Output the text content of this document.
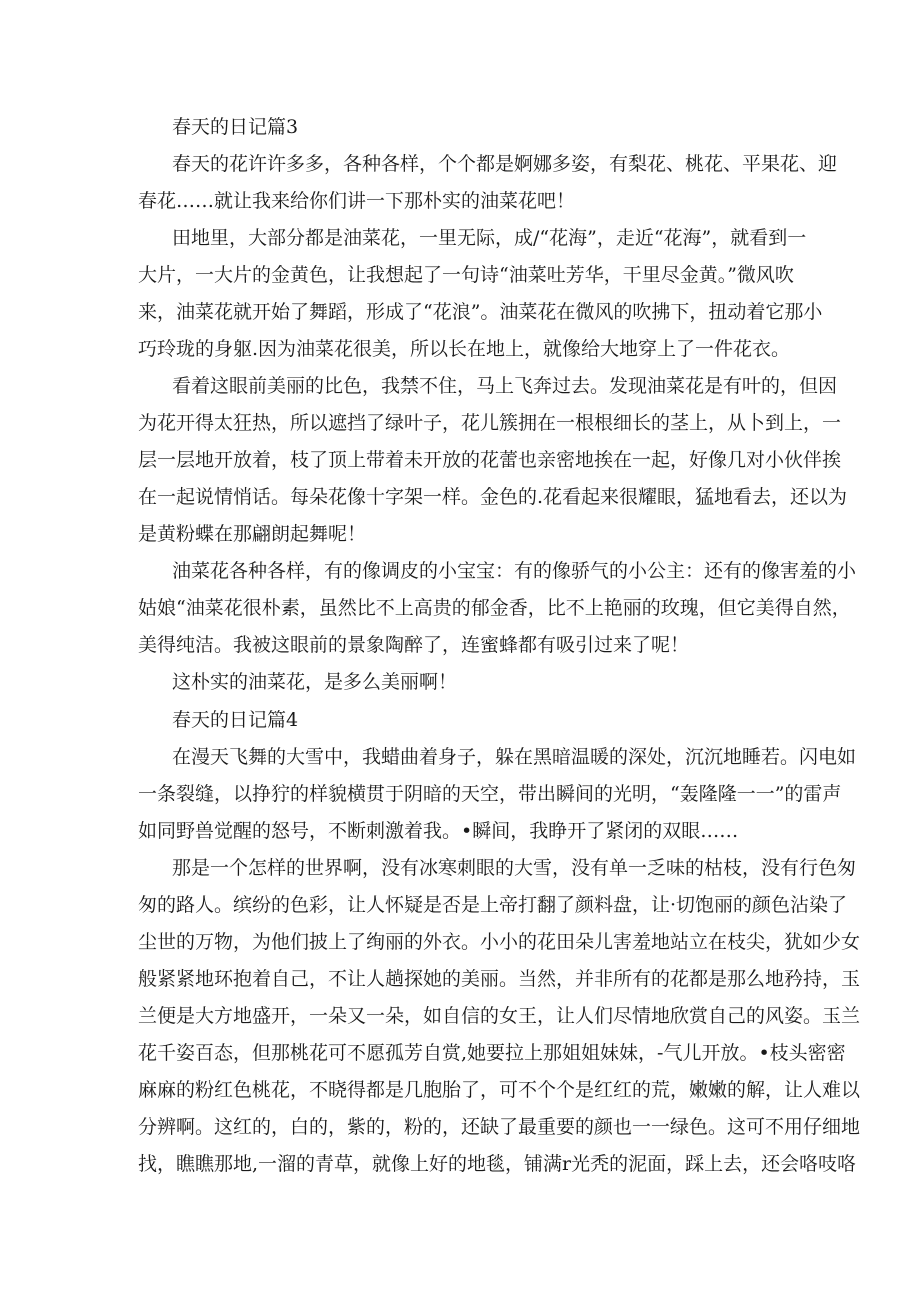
春天的日记篇3

春天的花许许多多，各种各样，个个都是婀娜多姿，有梨花、桃花、平果花、迎
春花……就让我来给你们讲一下那朴实的油菜花吧！

田地里，大部分都是油菜花，一里无际，成/“花海”，走近“花海”，就看到一
大片，一大片的金黄色，让我想起了一句诗“油菜吐芳华，干里尽金黄。”微风吹
来，油菜花就开始了舞蹈，形成了“花浪”。油菜花在微风的吹拂下，扭动着它那小
巧玲珑的身躯.因为油菜花很美，所以长在地上，就像给大地穿上了一件花衣。

看着这眼前美丽的比色，我禁不住，马上飞奔过去。发现油菜花是有叶的，但因
为花开得太狂热，所以遮挡了绿叶子，花儿簇拥在一根根细长的茎上，从卜到上，一
层一层地开放着，枝了顶上带着未开放的花蕾也亲密地挨在一起，好像几对小伙伴挨
在一起说情悄话。每朵花像十字架一样。金色的.花看起来很耀眼，猛地看去，还以为
是黄粉蝶在那翩朗起舞呢！

油菜花各种各样，有的像调皮的小宝宝：有的像骄气的小公主：还有的像害羞的小
姑娘“油菜花很朴素，虽然比不上高贵的郁金香，比不上艳丽的玫瑰，但它美得自然，
美得纯洁。我被这眼前的景象陶醉了，连蜜蜂都有吸引过来了呢！

这朴实的油菜花，是多么美丽啊！

春天的日记篇4

在漫天飞舞的大雪中，我蜡曲着身子，躲在黑暗温暖的深处，沉沉地睡若。闪电如
一条裂缝，以挣狞的样貌横贯于阴暗的天空，带出瞬间的光明，“轰隆隆一一”的雷声
如同野兽觉醒的怒号，不断刺激着我。•瞬间，我睁开了紧闭的双眼……

那是一个怎样的世界啊，没有冰寒刺眼的大雪，没有单一乏味的枯枝，没有行色匆
匆的路人。缤纷的色彩，让人怀疑是否是上帝打翻了颜料盘，让·切饱丽的颜色沾染了
尘世的万物，为他们披上了绚丽的外衣。小小的花田朵儿害羞地站立在枝尖，犹如少女
般紧紧地环抱着自己，不让人趟探她的美丽。当然，并非所有的花都是那么地矜持，玉
兰便是大方地盛开，一朵又一朵，如自信的女王，让人们尽情地欣赏自己的风姿。玉兰
花千姿百态，但那桃花可不愿孤芳自赏,她要拉上那姐姐妹妹，-气儿开放。•枝头密密
麻麻的粉红色桃花，不晓得都是几胞胎了，可不个个是红红的荒，嫩嫩的解，让人难以
分辨啊。这红的，白的，紫的，粉的，还缺了最重要的颜也一一绿色。这可不用仔细地
找，瞧瞧那地,一溜的青草，就像上好的地毯，铺满r光秃的泥面，踩上去，还会咯吱咯
